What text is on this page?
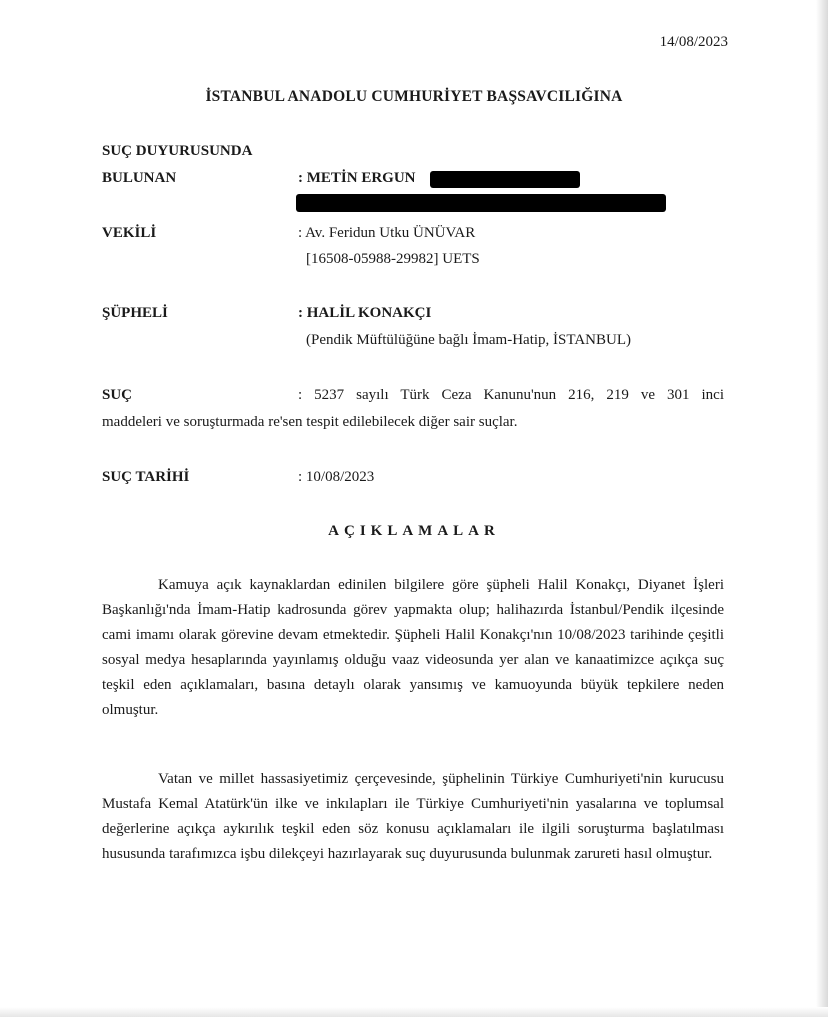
14/08/2023
İSTANBUL ANADOLU CUMHURİYET BAŞSAVCILIĞINA
SUÇ DUYURUSUNDA
BULUNAN	: METİN ERGUN
VEKİLİ	: Av. Feridun Utku ÜNÜVAR
[16508-05988-29982] UETS
ŞÜPHELİ	: HALİL KONAKÇI
(Pendik Müftülüğüne bağlı İmam-Hatip, İSTANBUL)
SUÇ	: 5237 sayılı Türk Ceza Kanunu'nun 216, 219 ve 301 inci
maddeleri ve soruşturmada re'sen tespit edilebilecek diğer sair suçlar.
SUÇ TARİHİ	: 10/08/2023
AÇIKLAMALAR
Kamuya açık kaynaklardan edinilen bilgilere göre şüpheli Halil Konakçı, Diyanet İşleri Başkanlığı'nda İmam-Hatip kadrosunda görev yapmakta olup; halihazırda İstanbul/Pendik ilçesinde cami imamı olarak görevine devam etmektedir. Şüpheli Halil Konakçı'nın 10/08/2023 tarihinde çeşitli sosyal medya hesaplarında yayınlamış olduğu vaaz videosunda yer alan ve kanaatimizce açıkça suç teşkil eden açıklamaları, basına detaylı olarak yansımış ve kamuoyunda büyük tepkilere neden olmuştur.
Vatan ve millet hassasiyetimiz çerçevesinde, şüphelinin Türkiye Cumhuriyeti'nin kurucusu Mustafa Kemal Atatürk'ün ilke ve inkılapları ile Türkiye Cumhuriyeti'nin yasalarına ve toplumsal değerlerine açıkça aykırılık teşkil eden söz konusu açıklamaları ile ilgili soruşturma başlatılması hususunda tarafımızca işbu dilekçeyi hazırlayarak suç duyurusunda bulunmak zarureti hasıl olmuştur.
